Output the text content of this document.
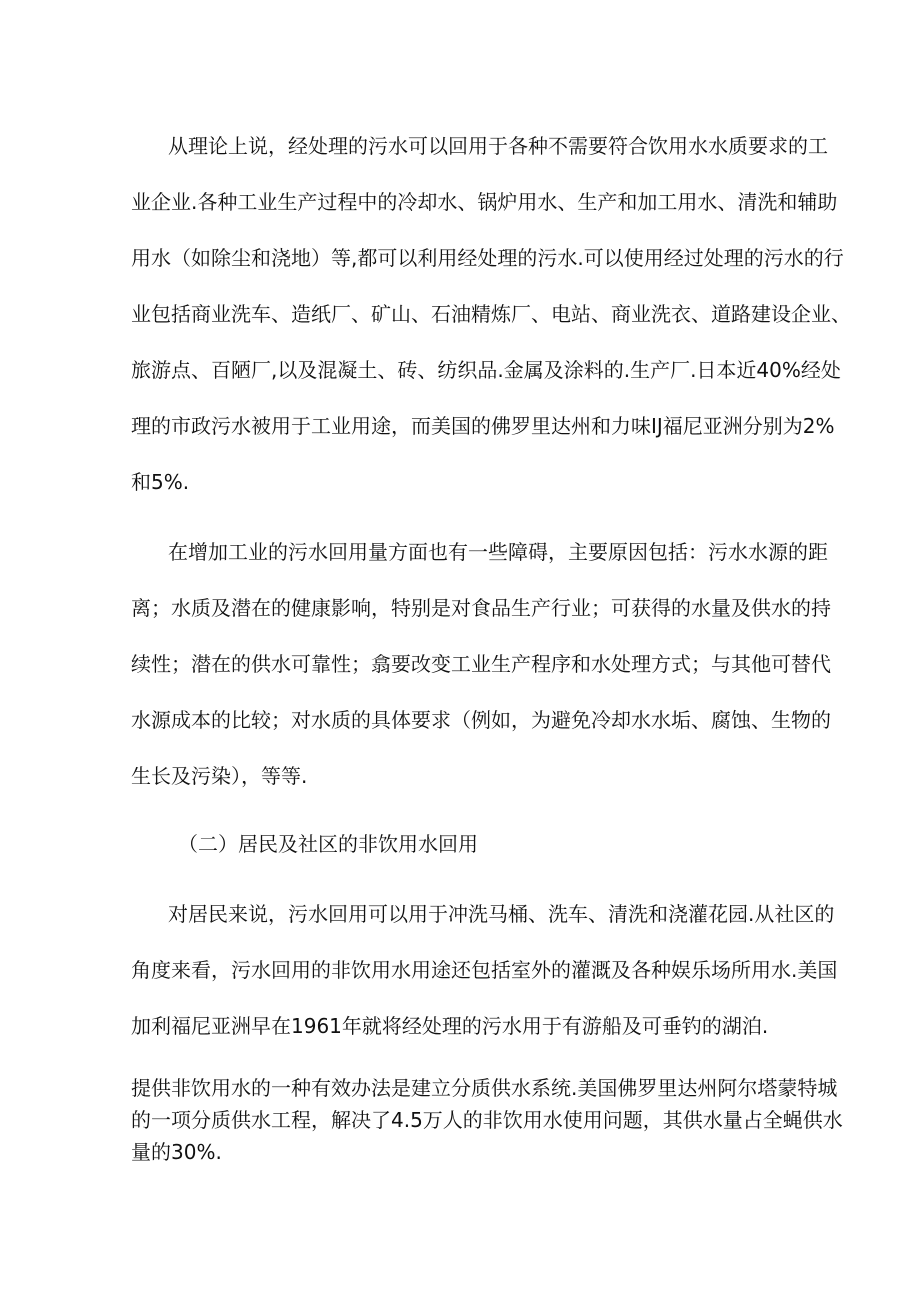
从理论上说，经处理的污水可以回用于各种不需要符合饮用水水质要求的工

业企业.各种工业生产过程中的冷却水、锅炉用水、生产和加工用水、清洗和辅助

用水（如除尘和浇地）等,都可以利用经处理的污水.可以使用经过处理的污水的行

业包括商业洗车、造纸厂、矿山、石油精炼厂、电站、商业洗衣、道路建设企业、

旅游点、百陋厂,以及混凝土、砖、纺织品.金属及涂料的.生产厂.日本近40%经处

理的市政污水被用于工业用途，而美国的佛罗里达州和力味IJ福尼亚洲分别为2%

和5%.

在增加工业的污水回用量方面也有一些障碍，主要原因包括：污水水源的距

离；水质及潜在的健康影响，特别是对食品生产行业；可获得的水量及供水的持

续性；潜在的供水可靠性；翕要改变工业生产程序和水处理方式；与其他可替代

水源成本的比较；对水质的具体要求（例如，为避免冷却水水垢、腐蚀、生物的

生长及污染），等等.

（二）居民及社区的非饮用水回用

对居民来说，污水回用可以用于冲洗马桶、洗车、清洗和浇灌花园.从社区的

角度来看，污水回用的非饮用水用途还包括室外的灌溉及各种娱乐场所用水.美国

加利福尼亚洲早在1961年就将经处理的污水用于有游船及可垂钓的湖泊.

提供非饮用水的一种有效办法是建立分质供水系统.美国佛罗里达州阿尔塔蒙特城

的一项分质供水工程，解决了4.5万人的非饮用水使用问题，其供水量占全蝇供水

量的30%.
